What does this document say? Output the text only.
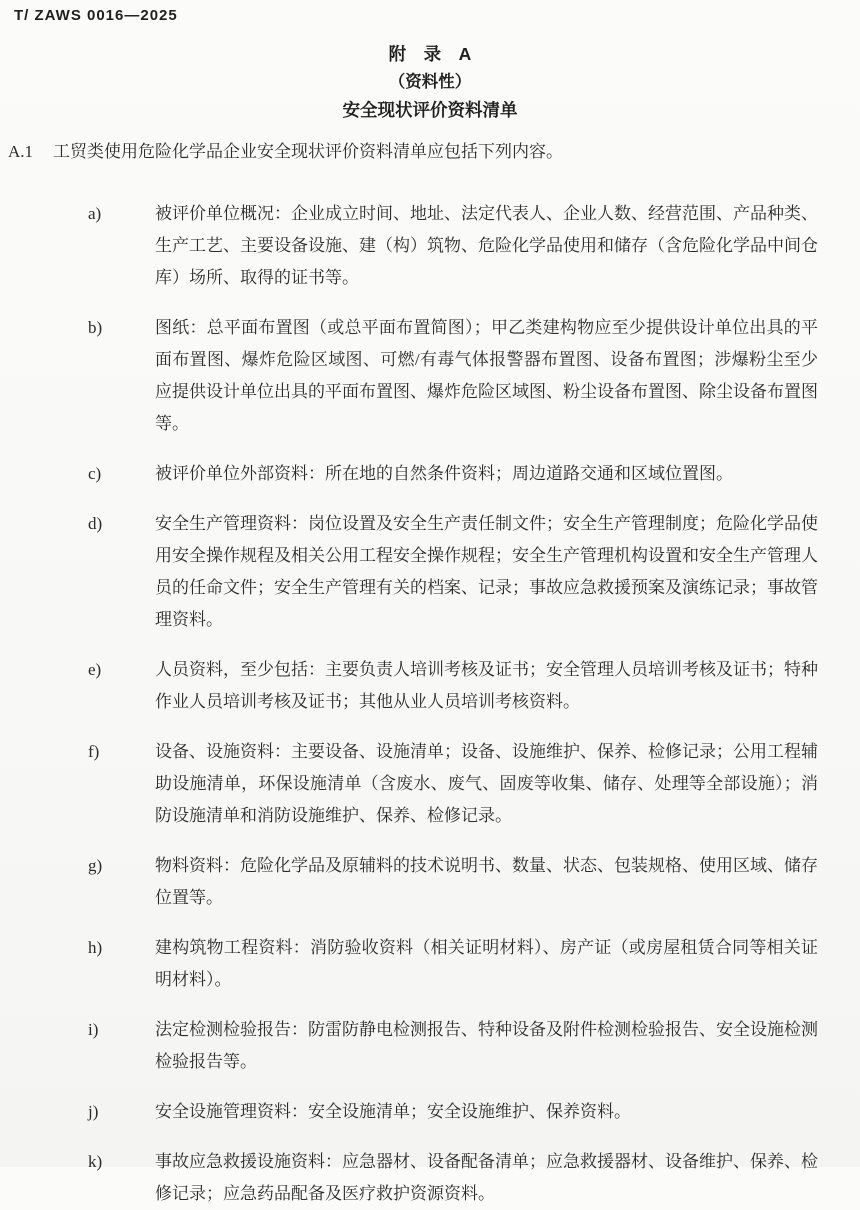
T/ ZAWS 0016—2025
附　录　A
（资料性）
安全现状评价资料清单
A.1	工贸类使用危险化学品企业安全现状评价资料清单应包括下列内容。
a)	被评价单位概况：企业成立时间、地址、法定代表人、企业人数、经营范围、产品种类、生产工艺、主要设备设施、建（构）筑物、危险化学品使用和储存（含危险化学品中间仓库）场所、取得的证书等。
b)	图纸：总平面布置图（或总平面布置简图）；甲乙类建构物应至少提供设计单位出具的平面布置图、爆炸危险区域图、可燃/有毒气体报警器布置图、设备布置图；涉爆粉尘至少应提供设计单位出具的平面布置图、爆炸危险区域图、粉尘设备布置图、除尘设备布置图等。
c)	被评价单位外部资料：所在地的自然条件资料；周边道路交通和区域位置图。
d)	安全生产管理资料：岗位设置及安全生产责任制文件；安全生产管理制度；危险化学品使用安全操作规程及相关公用工程安全操作规程；安全生产管理机构设置和安全生产管理人员的任命文件；安全生产管理有关的档案、记录；事故应急救援预案及演练记录；事故管理资料。
e)	人员资料，至少包括：主要负责人培训考核及证书；安全管理人员培训考核及证书；特种作业人员培训考核及证书；其他从业人员培训考核资料。
f)	设备、设施资料：主要设备、设施清单；设备、设施维护、保养、检修记录；公用工程辅助设施清单，环保设施清单（含废水、废气、固废等收集、储存、处理等全部设施）；消防设施清单和消防设施维护、保养、检修记录。
g)	物料资料：危险化学品及原辅料的技术说明书、数量、状态、包装规格、使用区域、储存位置等。
h)	建构筑物工程资料：消防验收资料（相关证明材料）、房产证（或房屋租赁合同等相关证明材料）。
i)	法定检测检验报告：防雷防静电检测报告、特种设备及附件检测检验报告、安全设施检测检验报告等。
j)	安全设施管理资料：安全设施清单；安全设施维护、保养资料。
k)	事故应急救援设施资料：应急器材、设备配备清单；应急救援器材、设备维护、保养、检修记录；应急药品配备及医疗救护资源资料。
